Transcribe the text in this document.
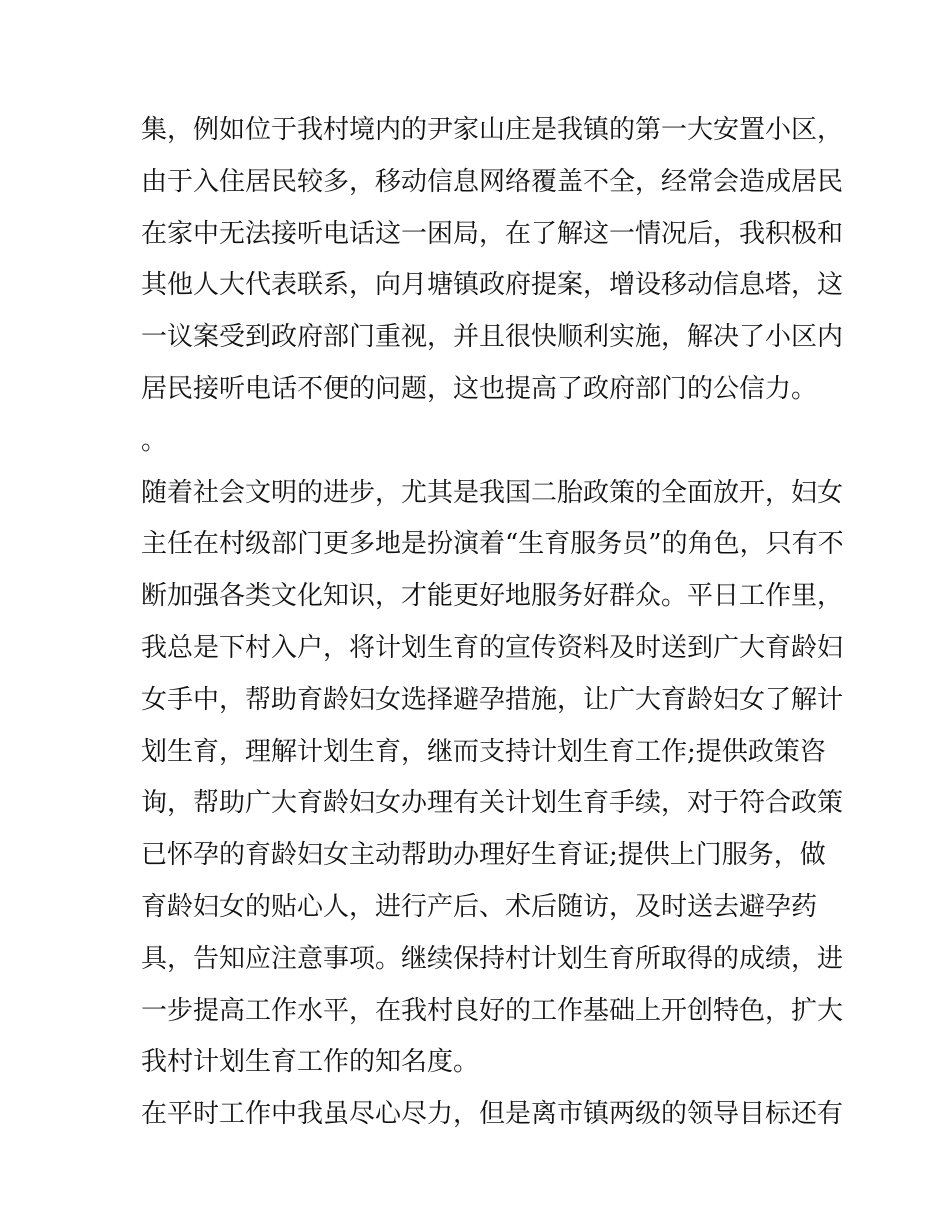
集，例如位于我村境内的尹家山庄是我镇的第一大安置小区，
由于入住居民较多，移动信息网络覆盖不全，经常会造成居民
在家中无法接听电话这一困局，在了解这一情况后，我积极和
其他人大代表联系，向月塘镇政府提案，增设移动信息塔，这
一议案受到政府部门重视，并且很快顺利实施，解决了小区内
居民接听电话不便的问题，这也提高了政府部门的公信力。
。
随着社会文明的进步，尤其是我国二胎政策的全面放开，妇女
主任在村级部门更多地是扮演着“生育服务员”的角色，只有不
断加强各类文化知识，才能更好地服务好群众。平日工作里，
我总是下村入户，将计划生育的宣传资料及时送到广大育龄妇
女手中，帮助育龄妇女选择避孕措施，让广大育龄妇女了解计
划生育，理解计划生育，继而支持计划生育工作;提供政策咨
询，帮助广大育龄妇女办理有关计划生育手续，对于符合政策
已怀孕的育龄妇女主动帮助办理好生育证;提供上门服务，做
育龄妇女的贴心人，进行产后、术后随访，及时送去避孕药
具，告知应注意事项。继续保持村计划生育所取得的成绩，进
一步提高工作水平，在我村良好的工作基础上开创特色，扩大
我村计划生育工作的知名度。
在平时工作中我虽尽心尽力，但是离市镇两级的领导目标还有
